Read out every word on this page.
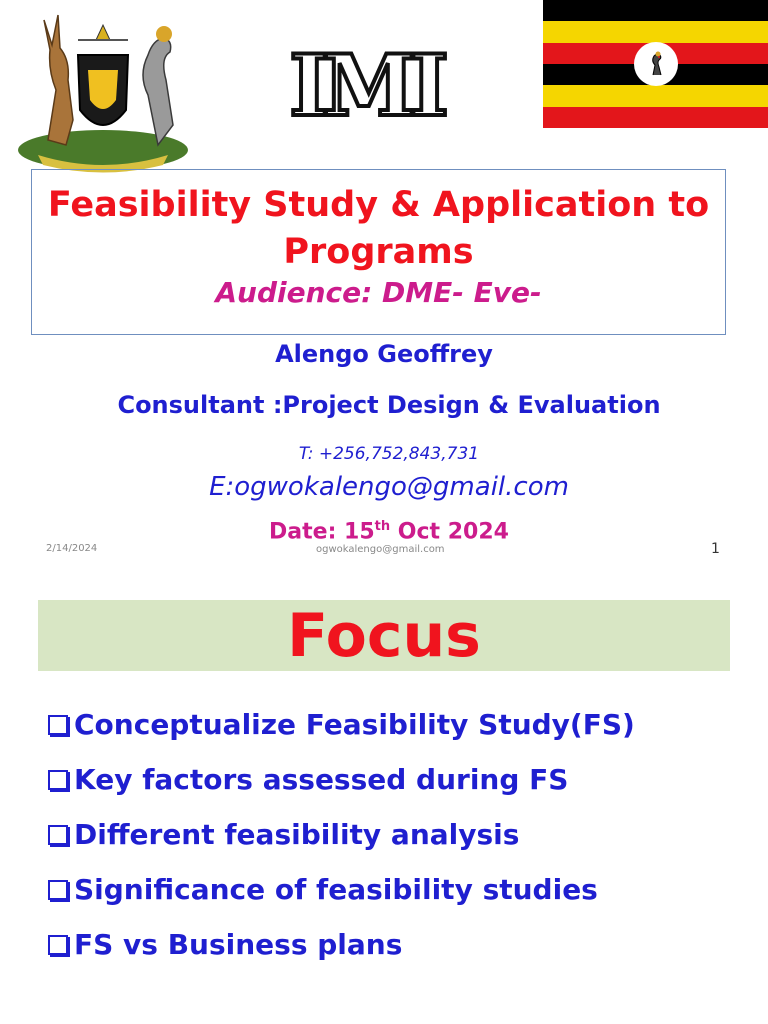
IMI
Feasibility Study & Application to Programs
Audience: DME- Eve-
Alengo Geoffrey
Consultant :Project Design & Evaluation
T: +256,752,843,731
E:ogwokalengo@gmail.com
Date: 15th Oct 2024
2/14/2024	ogwokalengo@gmail.com	1
Focus
Conceptualize Feasibility Study(FS)
Key factors assessed during FS
Different feasibility analysis
Significance of feasibility studies
FS vs Business plans
